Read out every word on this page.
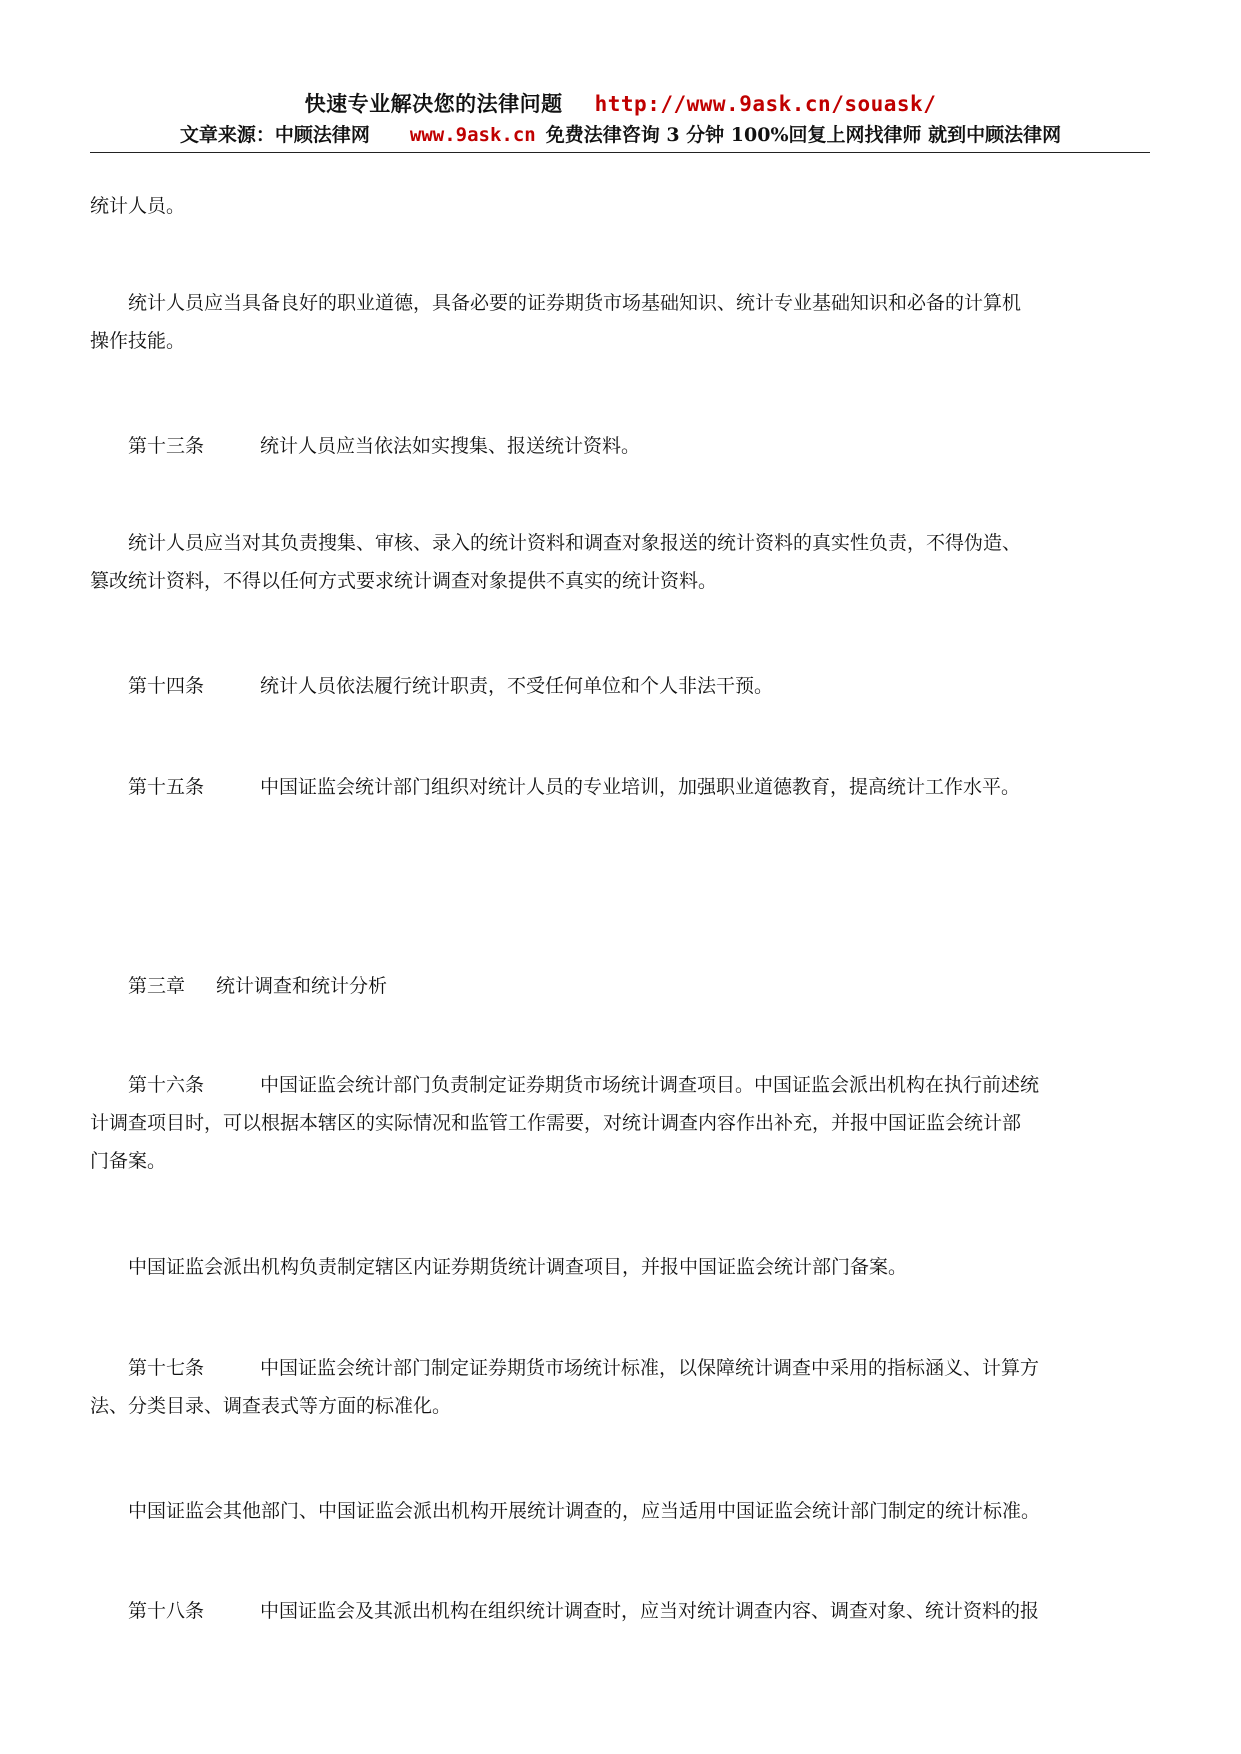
快速专业解决您的法律问题 http://www.9ask.cn/souask/
文章来源：中顾法律网 www.9ask.cn 免费法律咨询 3 分钟 100%回复上网找律师 就到中顾法律网
统计人员。
　　统计人员应当具备良好的职业道德，具备必要的证券期货市场基础知识、统计专业基础知识和必备的计算机
操作技能。
　　第十三条	统计人员应当依法如实搜集、报送统计资料。
　　统计人员应当对其负责搜集、审核、录入的统计资料和调查对象报送的统计资料的真实性负责，不得伪造、
篡改统计资料，不得以任何方式要求统计调查对象提供不真实的统计资料。
　　第十四条	统计人员依法履行统计职责，不受任何单位和个人非法干预。
　　第十五条	中国证监会统计部门组织对统计人员的专业培训，加强职业道德教育，提高统计工作水平。
　　第三章 统计调查和统计分析
　　第十六条	中国证监会统计部门负责制定证券期货市场统计调查项目。中国证监会派出机构在执行前述统
计调查项目时，可以根据本辖区的实际情况和监管工作需要，对统计调查内容作出补充，并报中国证监会统计部
门备案。
　　中国证监会派出机构负责制定辖区内证券期货统计调查项目，并报中国证监会统计部门备案。
　　第十七条	中国证监会统计部门制定证券期货市场统计标准，以保障统计调查中采用的指标涵义、计算方
法、分类目录、调查表式等方面的标准化。
　　中国证监会其他部门、中国证监会派出机构开展统计调查的，应当适用中国证监会统计部门制定的统计标准。
　　第十八条	中国证监会及其派出机构在组织统计调查时，应当对统计调查内容、调查对象、统计资料的报
